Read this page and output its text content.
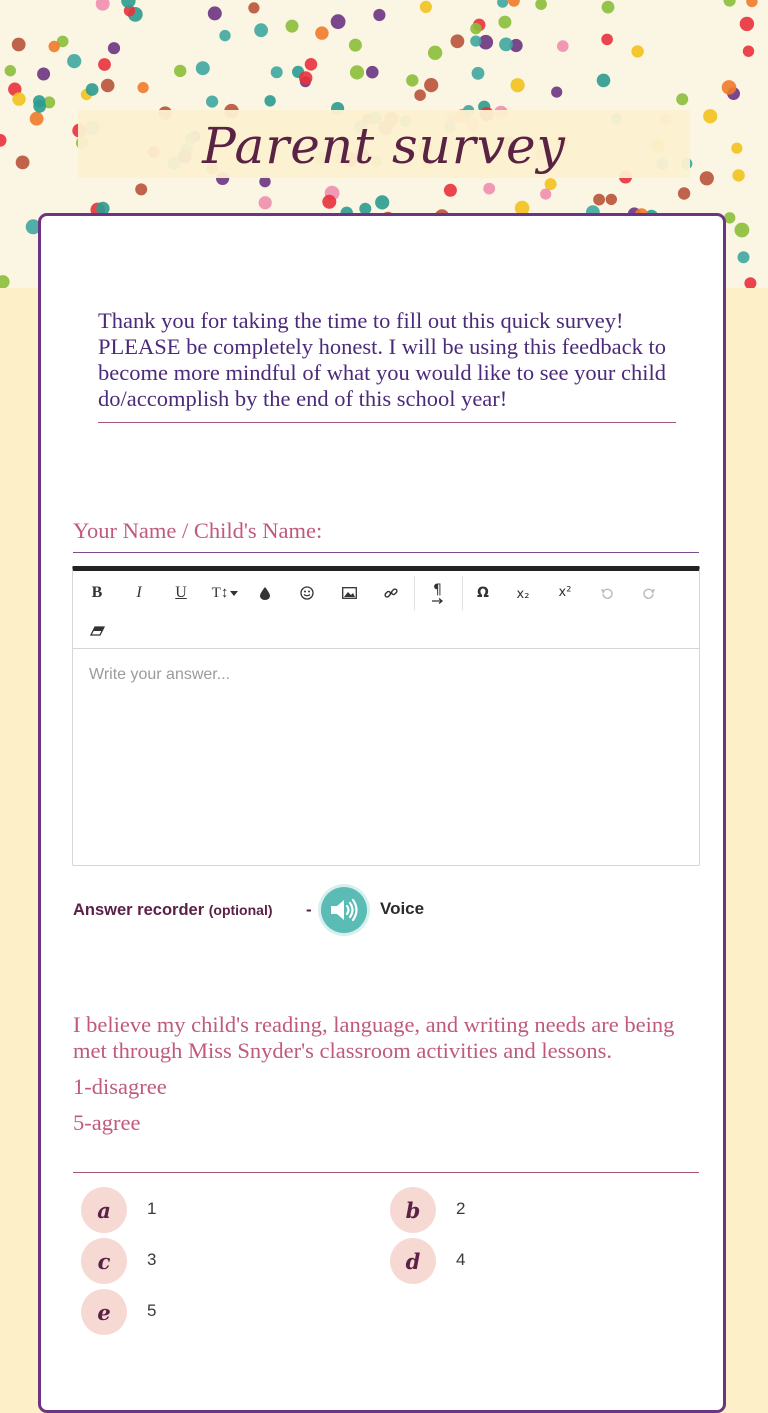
Parent survey
Thank you for taking the time to fill out this quick survey! PLEASE be completely honest. I will be using this feedback to become more mindful of what you would like to see your child do/accomplish by the end of this school year!
Your Name / Child's Name:
B	I	U	T↕	¶	Ω	x₂	x²
Write your answer...
Answer recorder (optional) -	Voice
I believe my child's reading, language, and writing needs are being met through Miss Snyder's classroom activities and lessons.
1-disagree
5-agree
a	1	b	2
c	3	d	4
e	5
